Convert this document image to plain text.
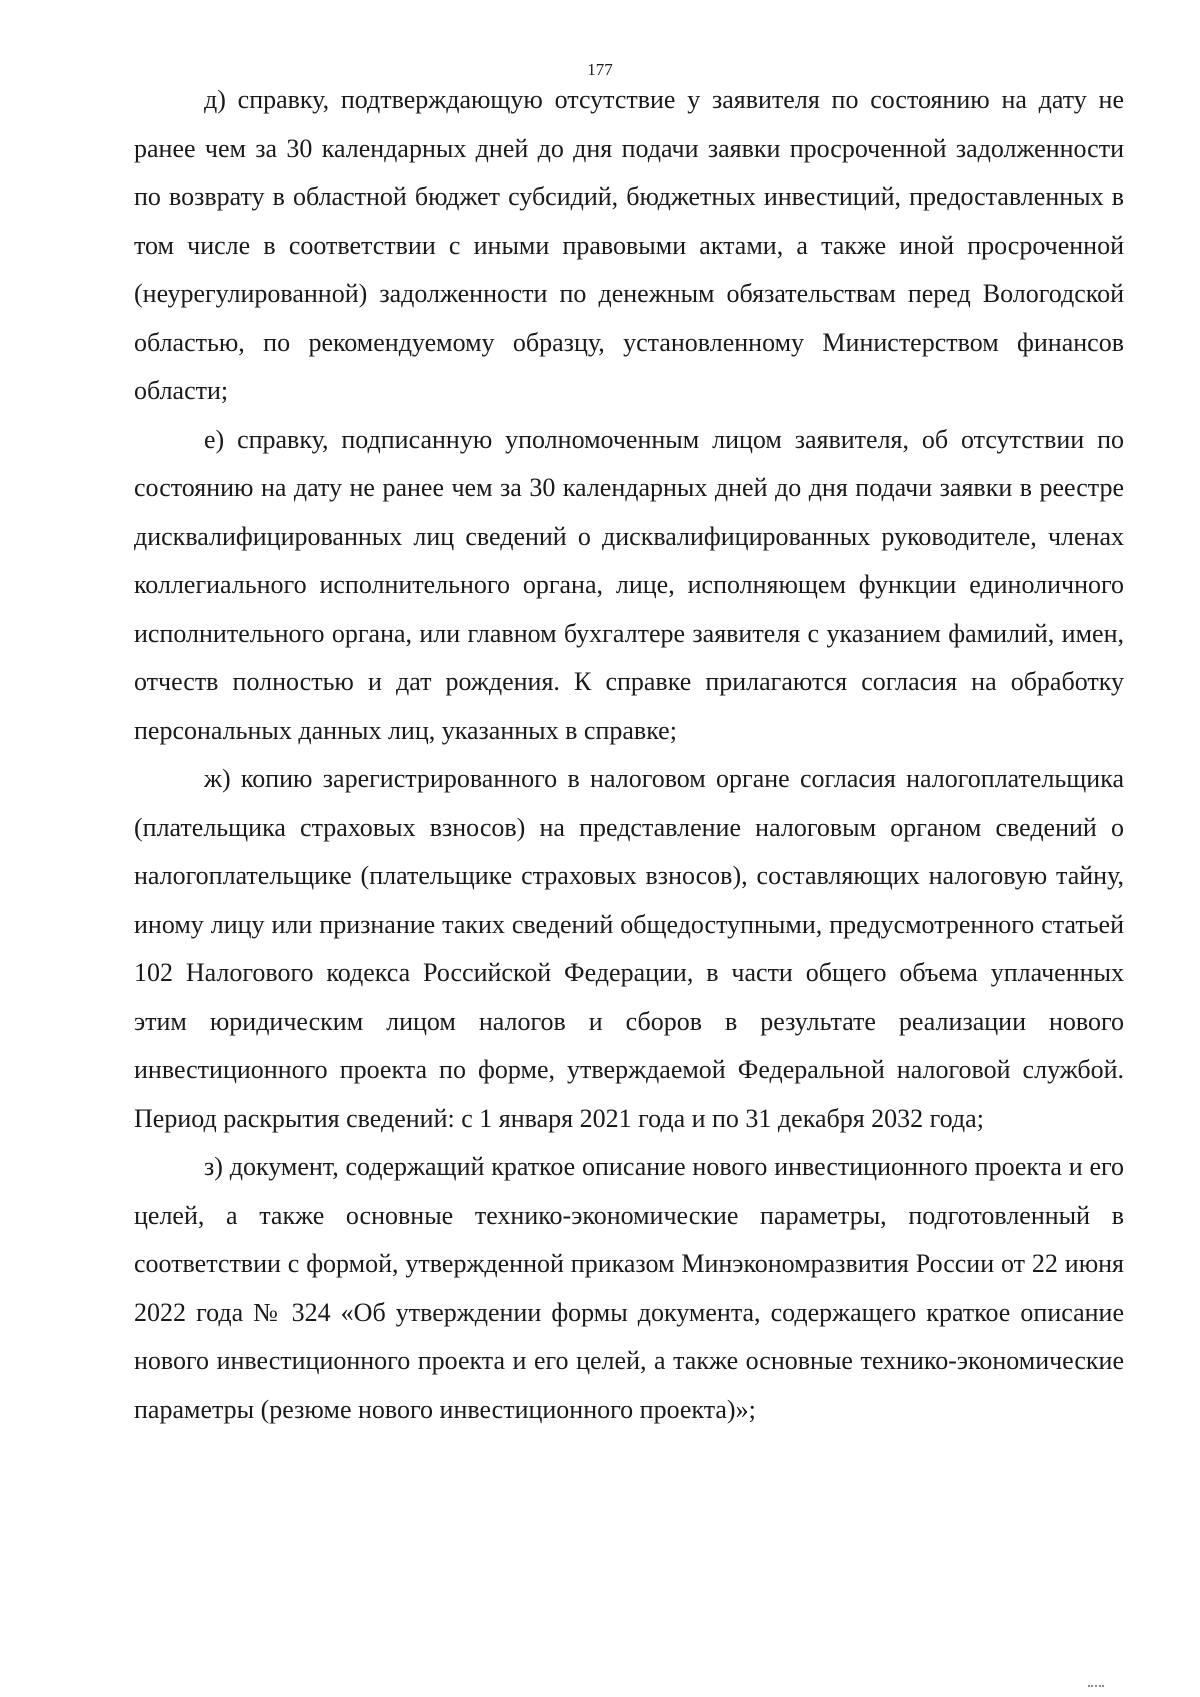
177

д) справку, подтверждающую отсутствие у заявителя по состоянию на дату не ранее чем за 30 календарных дней до дня подачи заявки просроченной задолженности по возврату в областной бюджет субсидий, бюджетных инвестиций, предоставленных в том числе в соответствии с иными правовыми актами, а также иной просроченной (неурегулированной) задолженности по денежным обязательствам перед Вологодской областью, по рекомендуемому образцу, установленному Министерством финансов области;

е) справку, подписанную уполномоченным лицом заявителя, об отсутствии по состоянию на дату не ранее чем за 30 календарных дней до дня подачи заявки в реестре дисквалифицированных лиц сведений о дисквалифицированных руководителе, членах коллегиального исполнительного органа, лице, исполняющем функции единоличного исполнительного органа, или главном бухгалтере заявителя с указанием фамилий, имен, отчеств полностью и дат рождения. К справке прилагаются согласия на обработку персональных данных лиц, указанных в справке;

ж) копию зарегистрированного в налоговом органе согласия налогоплательщика (плательщика страховых взносов) на представление налоговым органом сведений о налогоплательщике (плательщике страховых взносов), составляющих налоговую тайну, иному лицу или признание таких сведений общедоступными, предусмотренного статьей 102 Налогового кодекса Российской Федерации, в части общего объема уплаченных этим юридическим лицом налогов и сборов в результате реализации нового инвестиционного проекта по форме, утверждаемой Федеральной налоговой службой. Период раскрытия сведений: с 1 января 2021 года и по 31 декабря 2032 года;

з) документ, содержащий краткое описание нового инвестиционного проекта и его целей, а также основные технико-экономические параметры, подготовленный в соответствии с формой, утвержденной приказом Минэкономразвития России от 22 июня 2022 года № 324 «Об утверждении формы документа, содержащего краткое описание нового инвестиционного проекта и его целей, а также основные технико-экономические параметры (резюме нового инвестиционного проекта)»;
